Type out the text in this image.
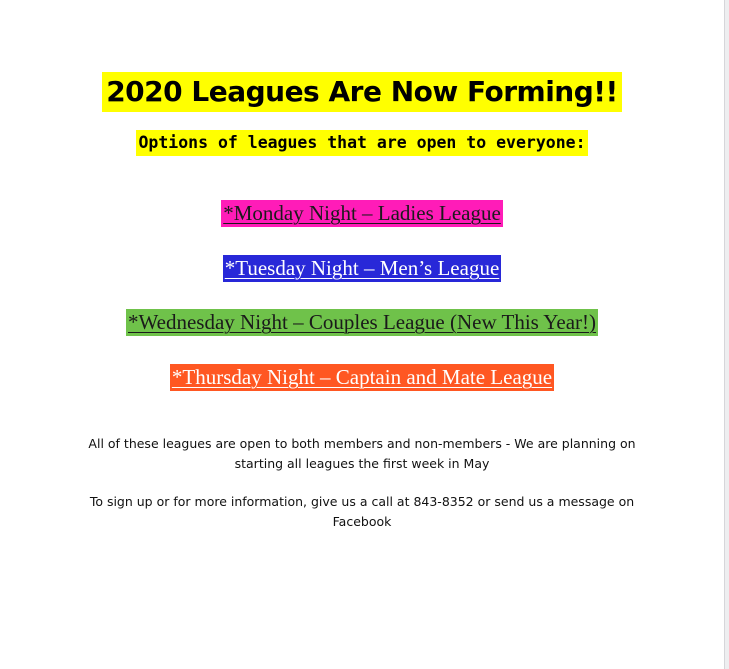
2020 Leagues Are Now Forming!!
Options of leagues that are open to everyone:
*Monday Night – Ladies League
*Tuesday Night – Men’s League
*Wednesday Night – Couples League (New This Year!)
*Thursday Night – Captain and Mate League
All of these leagues are open to both members and non-members - We are planning on
starting all leagues the first week in May
To sign up or for more information, give us a call at 843-8352 or send us a message on
Facebook
